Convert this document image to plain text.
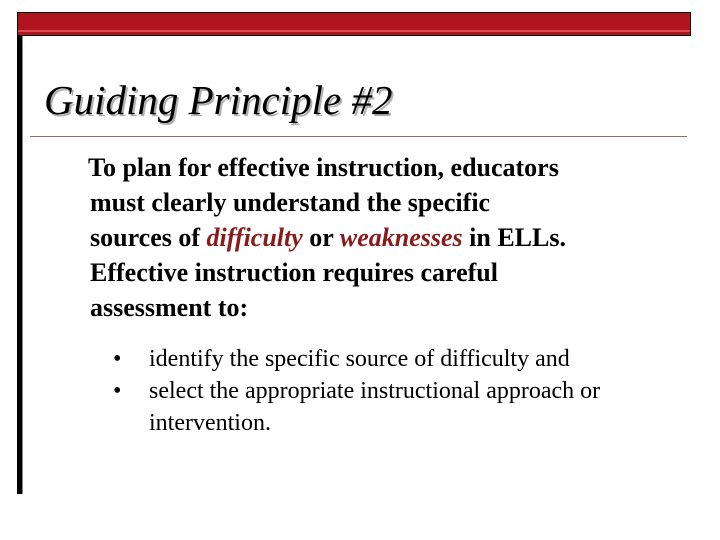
Guiding Principle #2
To plan for effective instruction, educators
must clearly understand the specific
sources of difficulty or weaknesses in ELLs.
Effective instruction requires careful
assessment to:
• identify the specific source of difficulty and
• select the appropriate instructional approach or intervention.
